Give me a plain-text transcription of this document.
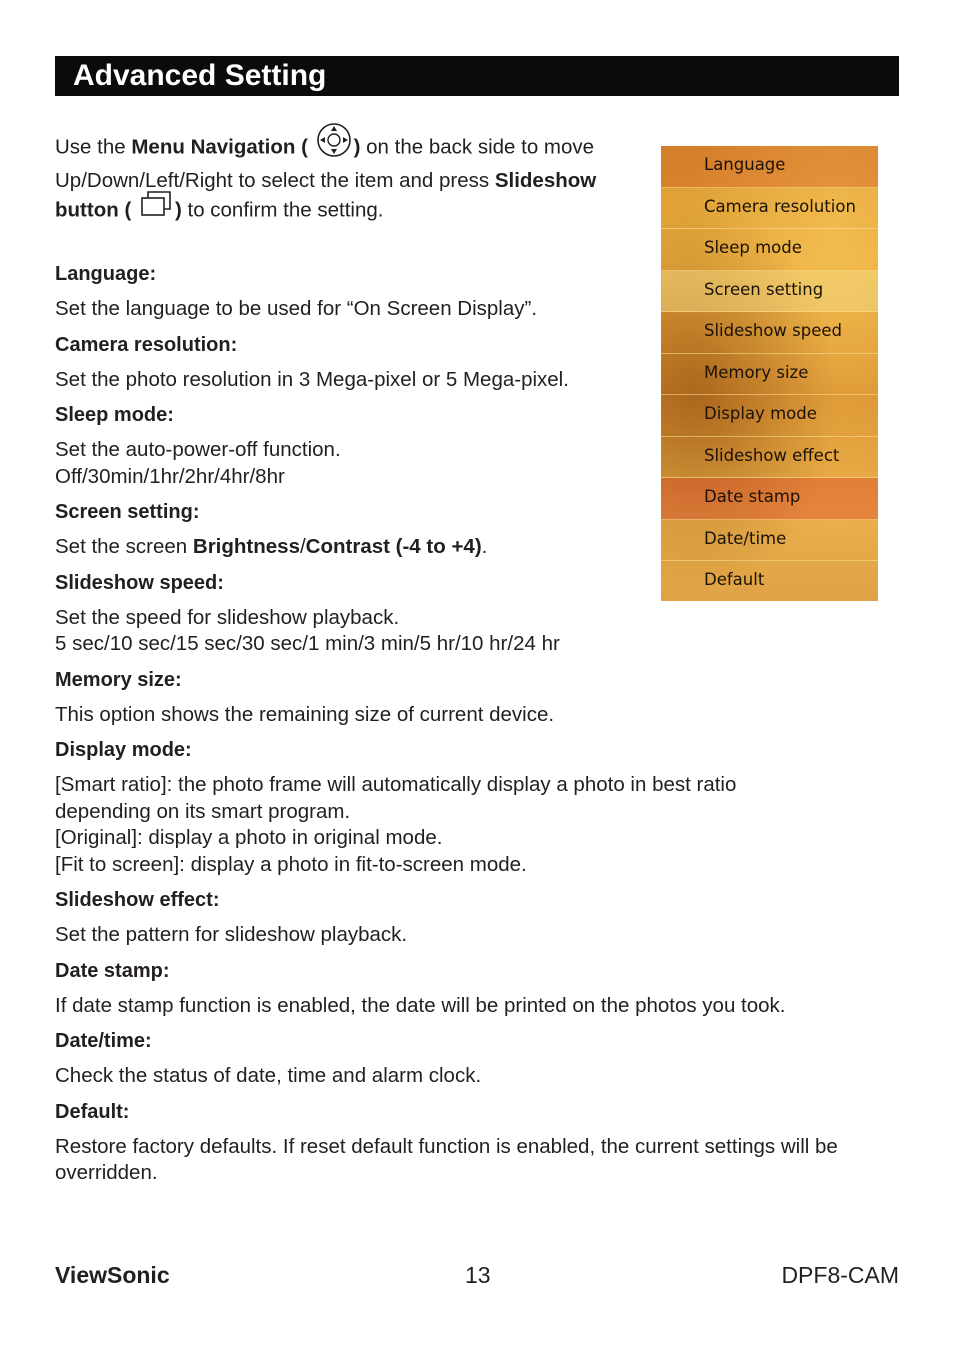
Advanced Setting
Use the Menu Navigation ( ) on the back side to move Up/Down/Left/Right to select the item and press Slideshow button ( ) to confirm the setting.
Language
Camera resolution
Sleep mode
Screen setting
Slideshow speed
Memory size
Display mode
Slideshow effect
Date stamp
Date/time
Default

Language:

Set the language to be used for “On Screen Display”.

Camera resolution:

Set the photo resolution in 3 Mega-pixel or 5 Mega-pixel.

Sleep mode:

Set the auto-power-off function.
Off/30min/1hr/2hr/4hr/8hr

Screen setting:

Set the screen Brightness/Contrast (-4 to +4).

Slideshow speed:

Set the speed for slideshow playback.
5 sec/10 sec/15 sec/30 sec/1 min/3 min/5 hr/10 hr/24 hr

Memory size:

This option shows the remaining size of current device.

Display mode:

[Smart ratio]: the photo frame will automatically display a photo in best ratio depending on its smart program.
[Original]: display a photo in original mode.
[Fit to screen]: display a photo in fit-to-screen mode.

Slideshow effect:

Set the pattern for slideshow playback.

Date stamp:

If date stamp function is enabled, the date will be printed on the photos you took.

Date/time:

Check the status of date, time and alarm clock.

Default:

Restore factory defaults. If reset default function is enabled, the current settings will be overridden.

ViewSonic	13	DPF8-CAM
